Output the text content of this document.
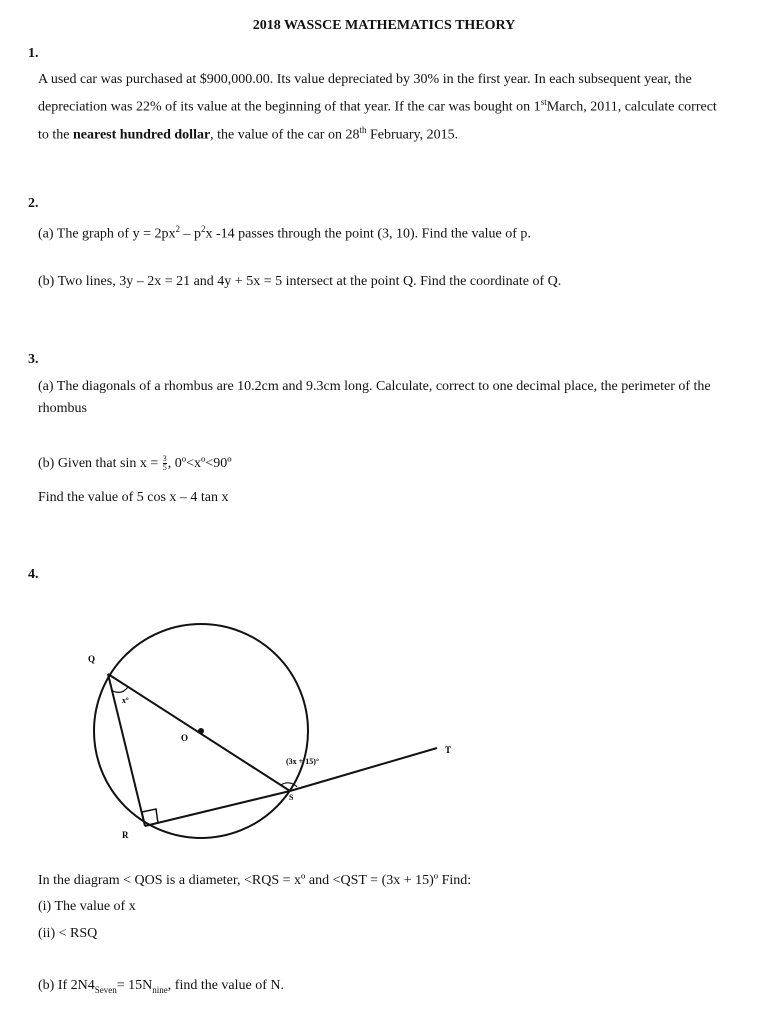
2018 WASSCE MATHEMATICS THEORY
1.
A used car was purchased at $900,000.00. Its value depreciated by 30% in the first year. In each subsequent year, the depreciation was 22% of its value at the beginning of that year. If the car was bought on 1stMarch, 2011, calculate correct to the nearest hundred dollar, the value of the car on 28th February, 2015.
2.
(a) The graph of $y = 2px^2 - p^2x$ -14 passes through the point (3, 10). Find the value of p.
(b) Two lines, 3y – 2x = 21 and 4y + 5x = 5 intersect at the point Q. Find the coordinate of Q.
3.
(a) The diagonals of a rhombus are 10.2cm and 9.3cm long. Calculate, correct to one decimal place, the perimeter of the rhombus
(b) Given that $\sin x = \frac{3}{5}$ , 0º<xº<90º
Find the value of 5 cos x – 4 tan x
4.
Q
xº
O
(3x + 15)°
T
S
R
In the diagram < QOS is a diameter, <RQS = xº and <QST = (3x + 15)º Find:
(i) The value of x
(ii) < RSQ
(b) If $2N4_{Seven}= 15N_{nine}$, find the value of N.
